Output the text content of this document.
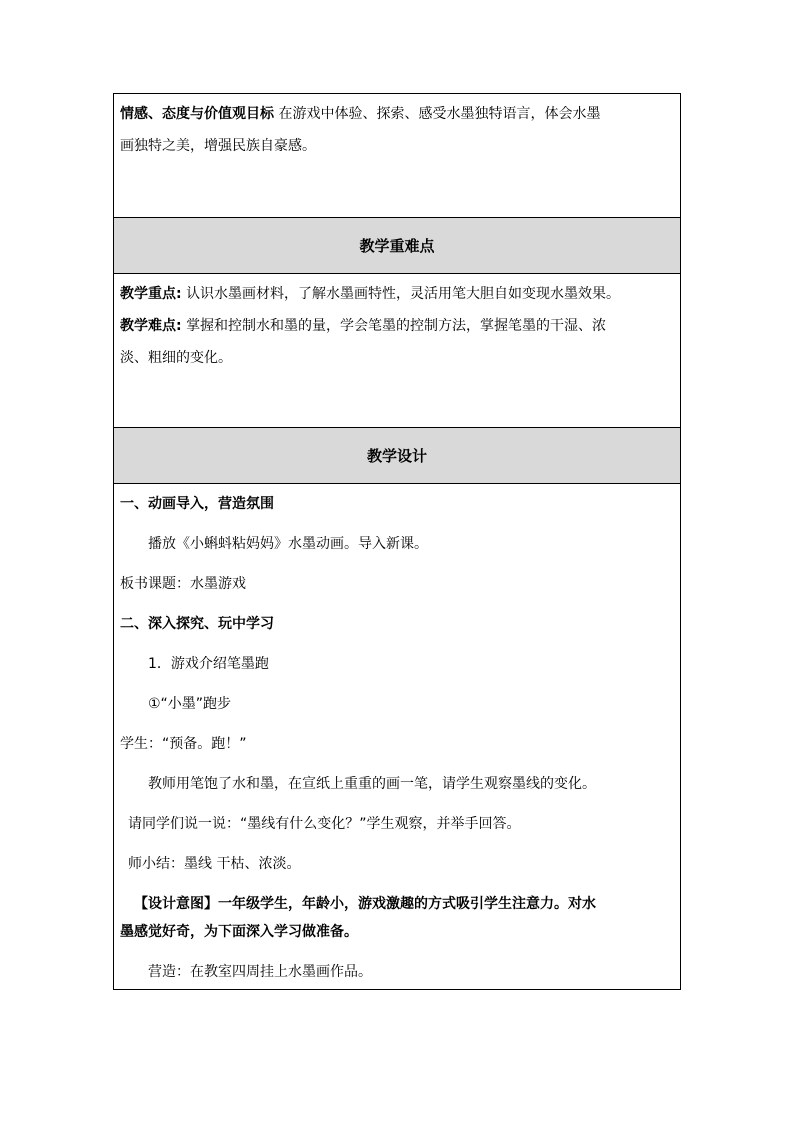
情感、态度与价值观目标 在游戏中体验、探索、感受水墨独特语言，体会水墨
画独特之美，增强民族自豪感。
教学重难点
教学重点: 认识水墨画材料，了解水墨画特性，灵活用笔大胆自如变现水墨效果。
教学难点: 掌握和控制水和墨的量，学会笔墨的控制方法，掌握笔墨的干湿、浓
淡、粗细的变化。
教学设计
一、动画导入，营造氛围
播放《小蝌蚪粘妈妈》水墨动画。导入新课。
板书课题：水墨游戏
二、深入探究、玩中学习
1．游戏介绍笔墨跑
①“小墨”跑步
学生：“预备。跑！”
教师用笔饱了水和墨，在宣纸上重重的画一笔，请学生观察墨线的变化。
请同学们说一说：“墨线有什么变化？”学生观察，并举手回答。
师小结：墨线 干枯、浓淡。
【设计意图】一年级学生，年龄小，游戏激趣的方式吸引学生注意力。对水
墨感觉好奇，为下面深入学习做准备。
营造：在教室四周挂上水墨画作品。
